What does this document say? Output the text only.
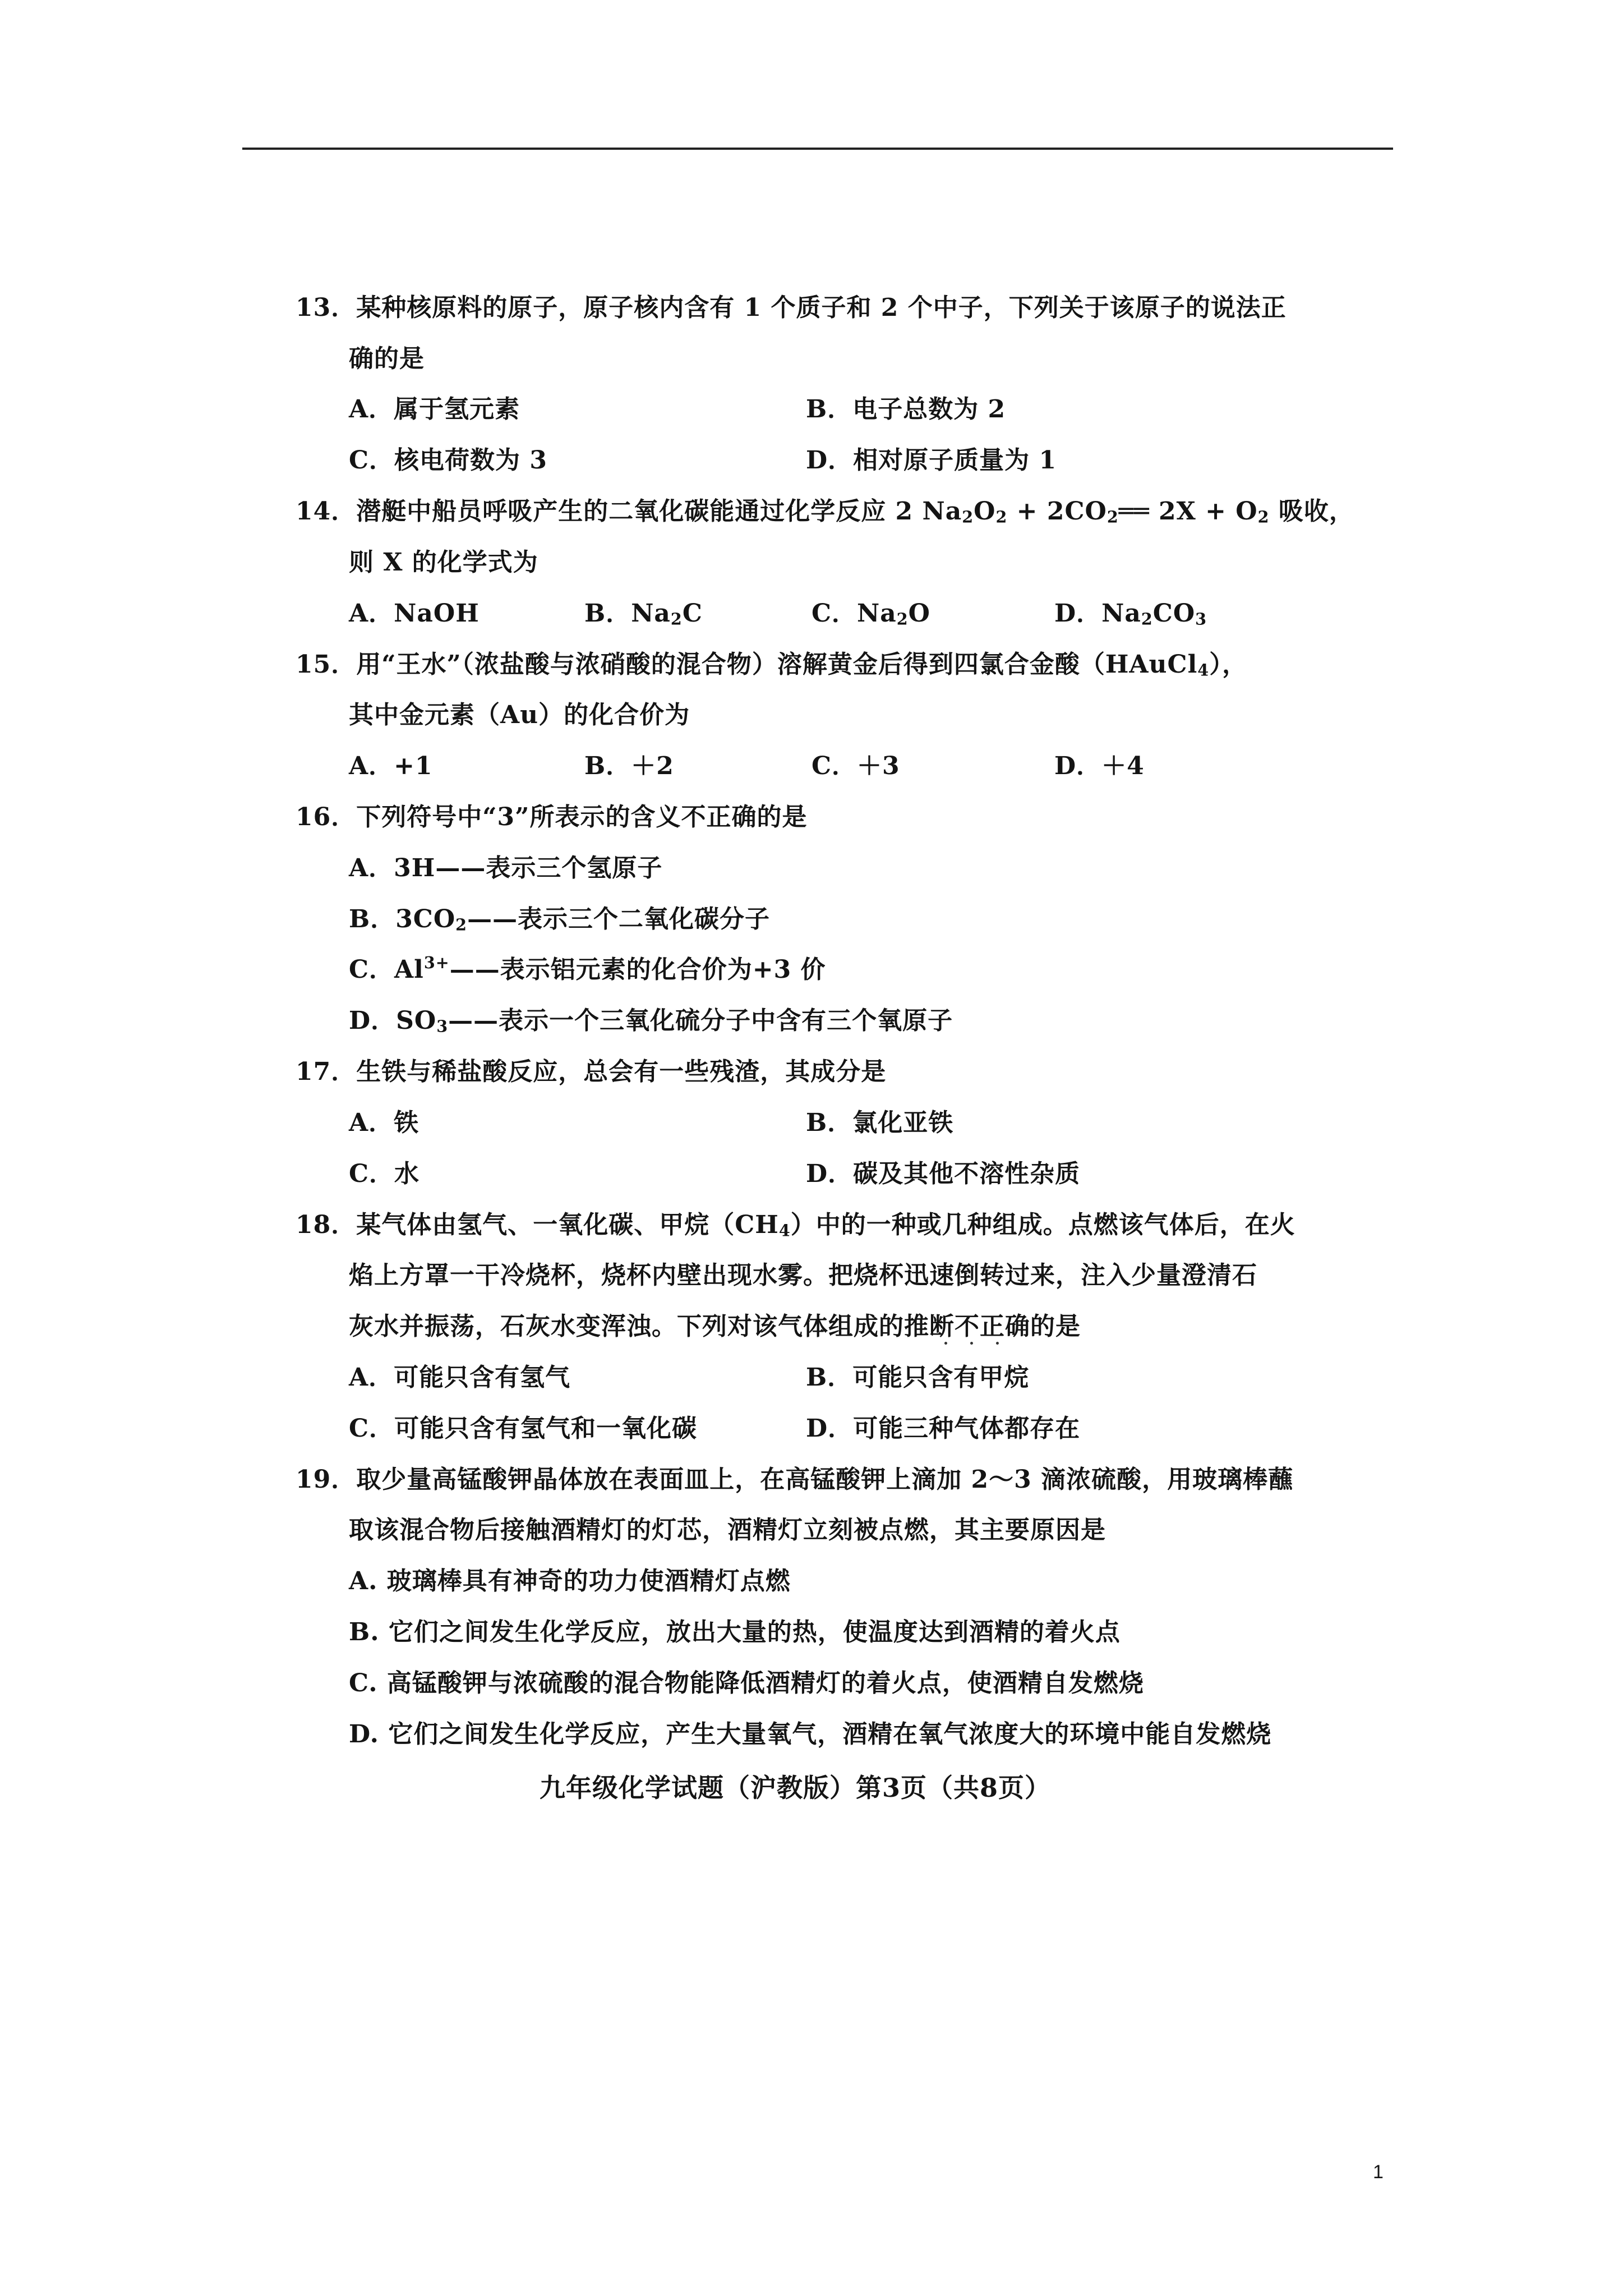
13．某种核原料的原子，原子核内含有 1 个质子和 2 个中子，下列关于该原子的说法正
确的是
A．属于氢元素	B．电子总数为 2
C．核电荷数为 3	D．相对原子质量为 1
14．潜艇中船员呼吸产生的二氧化碳能通过化学反应 2 $Na_2O_2$ + $2CO_2══$ $2X + O_2$ 吸收，
则 X 的化学式为
A．NaOH	B．$Na_2C$	C．$Na_2O$	D．$Na_2CO_3$
15．用“王水”（浓盐酸与浓硝酸的混合物）溶解黄金后得到四氯合金酸（HAuCl$_4$），
其中金元素（Au）的化合价为
A．+1	B．＋2	C．＋3	D．＋4
16．下列符号中“3”所表示的含义不正确的是
A．3H——表示三个氢原子
B．$3CO_2——$表示三个二氧化碳分子
C．$Al^{3+}——$表示铝元素的化合价为+3 价
D．$SO_3——$表示一个三氧化硫分子中含有三个氧原子
17．生铁与稀盐酸反应，总会有一些残渣，其成分是
A．铁	B．氯化亚铁
C．水	D．碳及其他不溶性杂质
18．某气体由氢气、一氧化碳、甲烷$(CH_4)$中的一种或几种组成。点燃该气体后，在火
焰上方罩一干冷烧杯，烧杯内壁出现水雾。把烧杯迅速倒转过来，注入少量澄清石
灰水并振荡，石灰水变浑浊。下列对该气体组成的推断不正确的是
A．可能只含有氢气	B．可能只含有甲烷
C．可能只含有氢气和一氧化碳	D．可能三种气体都存在
19．取少量高锰酸钾晶体放在表面皿上，在高锰酸钾上滴加 2～3 滴浓硫酸，用玻璃棒蘸
取该混合物后接触酒精灯的灯芯，酒精灯立刻被点燃，其主要原因是
A. 玻璃棒具有神奇的功力使酒精灯点燃
B. 它们之间发生化学反应，放出大量的热，使温度达到酒精的着火点
C. 高锰酸钾与浓硫酸的混合物能降低酒精灯的着火点，使酒精自发燃烧
D. 它们之间发生化学反应，产生大量氧气，酒精在氧气浓度大的环境中能自发燃烧
九年级化学试题（沪教版）第3页（共8页）
1
